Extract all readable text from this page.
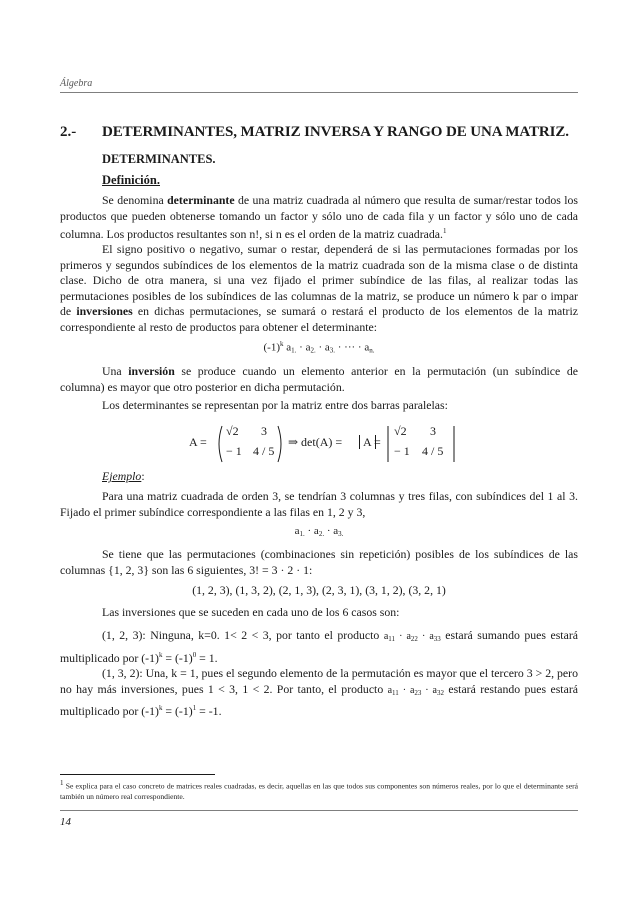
Álgebra
2.- DETERMINANTES, MATRIZ INVERSA Y RANGO DE UNA MATRIZ.
DETERMINANTES.
Definición.
Se denomina determinante de una matriz cuadrada al número que resulta de sumar/restar todos los productos que pueden obtenerse tomando un factor y sólo uno de cada fila y un factor y sólo uno de cada columna. Los productos resultantes son n!, si n es el orden de la matriz cuadrada.$^1$
El signo positivo o negativo, sumar o restar, dependerá de si las permutaciones formadas por los primeros y segundos subíndices de los elementos de la matriz cuadrada son de la misma clase o de distinta clase. Dicho de otra manera, si una vez fijado el primer subíndice de las filas, al realizar todas las permutaciones posibles de los subíndices de las columnas de la matriz, se produce un número k par o impar de inversiones en dichas permutaciones, se sumará o restará el producto de los elementos de la matriz correspondiente al resto de productos para obtener el determinante:
$(-1)^k$ a1. · a2. · a3. · ··· · an.
Una inversión se produce cuando un elemento anterior en la permutación (un subíndice de columna) es mayor que otro posterior en dicha permutación.
Los determinantes se representan por la matriz entre dos barras paralelas:
A =
√2 3
− 1 4 / 5
⇒ det(A) =	A =
√2 3
− 1 4 / 5
Ejemplo:
Para una matriz cuadrada de orden 3, se tendrían 3 columnas y tres filas, con subíndices del 1 al 3. Fijado el primer subíndice correspondiente a las filas en 1, 2 y 3,
a1. · a2. · a3.
Se tiene que las permutaciones (combinaciones sin repetición) posibles de los subíndices de las columnas {1, 2, 3} son las 6 siguientes, 3! = 3 · 2 · 1:
(1, 2, 3), (1, 3, 2), (2, 1, 3), (2, 3, 1), (3, 1, 2), (3, 2, 1)
Las inversiones que se suceden en cada uno de los 6 casos son:
(1, 2, 3): Ninguna, k=0. 1< 2 < 3, por tanto el producto $a_{11} \cdot a_{22} \cdot a_{33}$ estará sumando pues estará multiplicado por $(-1)^k = (-1)^0 = 1$.
(1, 3, 2): Una, k = 1, pues el segundo elemento de la permutación es mayor que el tercero 3 > 2, pero no hay más inversiones, pues 1 < 3, 1 < 2. Por tanto, el producto $a_{11} \cdot a_{23} \cdot a_{32}$ estará restando pues estará multiplicado por $(-1)^k = (-1)^1 = -1$.
$^1$ Se explica para el caso concreto de matrices reales cuadradas, es decir, aquellas en las que todos sus componentes son números reales, por lo que el determinante será también un número real correspondiente.
14
